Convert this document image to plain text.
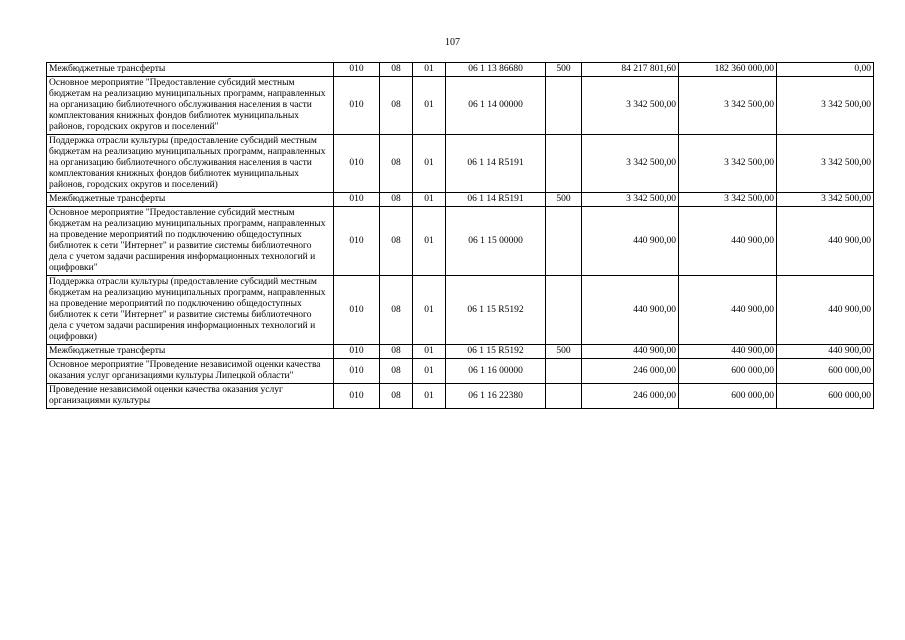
107
Межбюджетные трансферты	010	08	01	06 1 13 86680	500	84 217 801,60	182 360 000,00	0,00
Основное мероприятие "Предоставление субсидий местным бюджетам на реализацию муниципальных программ, направленных на организацию библиотечного обслуживания населения в части комплектования книжных фондов библиотек муниципальных районов, городских округов и поселений"	010	08	01	06 1 14 00000		3 342 500,00	3 342 500,00	3 342 500,00
Поддержка отрасли культуры (предоставление субсидий местным бюджетам на реализацию муниципальных программ, направленных на организацию библиотечного обслуживания населения в части комплектования книжных фондов библиотек муниципальных районов, городских округов и поселений)	010	08	01	06 1 14 R5191		3 342 500,00	3 342 500,00	3 342 500,00
Межбюджетные трансферты	010	08	01	06 1 14 R5191	500	3 342 500,00	3 342 500,00	3 342 500,00
Основное мероприятие "Предоставление субсидий местным бюджетам на реализацию муниципальных программ, направленных на проведение мероприятий по подключению общедоступных библиотек к сети "Интернет" и развитие системы библиотечного дела с учетом задачи расширения информационных технологий и оцифровки"	010	08	01	06 1 15 00000		440 900,00	440 900,00	440 900,00
Поддержка отрасли культуры (предоставление субсидий местным бюджетам на реализацию муниципальных программ, направленных на проведение мероприятий по подключению общедоступных библиотек к сети "Интернет" и развитие системы библиотечного дела с учетом задачи расширения информационных технологий и оцифровки)	010	08	01	06 1 15 R5192		440 900,00	440 900,00	440 900,00
Межбюджетные трансферты	010	08	01	06 1 15 R5192	500	440 900,00	440 900,00	440 900,00
Основное мероприятие "Проведение независимой оценки качества оказания услуг организациями культуры Липецкой области"	010	08	01	06 1 16 00000		246 000,00	600 000,00	600 000,00
Проведение независимой оценки качества оказания услуг организациями культуры	010	08	01	06 1 16 22380		246 000,00	600 000,00	600 000,00
